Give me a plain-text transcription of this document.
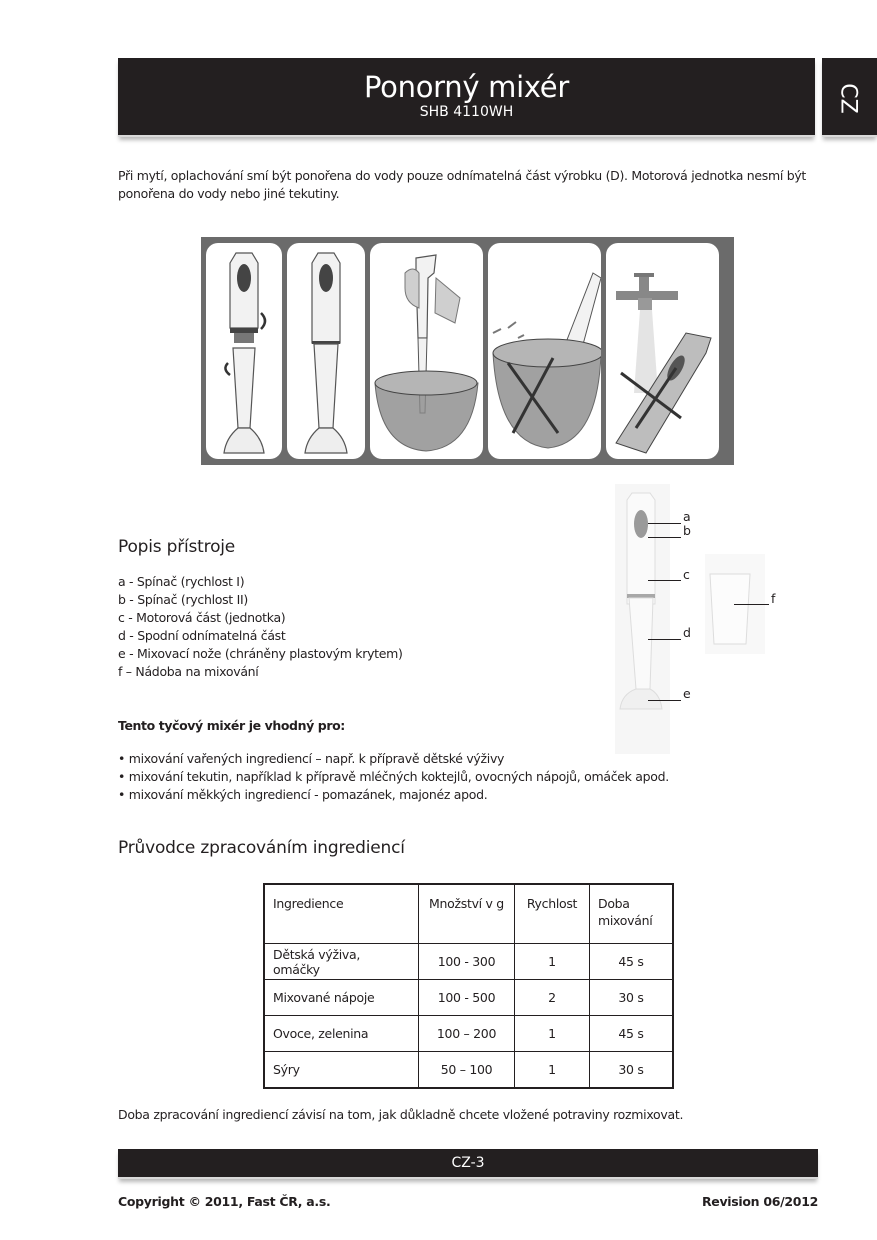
Ponorný mixér
SHB 4110WH	CZ
Při mytí, oplachování smí být ponořena do vody pouze odnímatelná část výrobku (D). Motorová jednotka nesmí být ponořena do vody nebo jiné tekutiny.
Popis přístroje
a - Spínač (rychlost I)
b - Spínač (rychlost II)
c - Motorová část (jednotka)
d - Spodní odnímatelná část
e - Mixovací nože (chráněny plastovým krytem)
f – Nádoba na mixování
a
b
c
d
e
f
Tento tyčový mixér je vhodný pro:
• mixování vařených ingrediencí – např. k přípravě dětské výživy
• mixování tekutin, například k přípravě mléčných koktejlů, ovocných nápojů, omáček apod.
• mixování měkkých ingrediencí - pomazánek, majonéz apod.
Průvodce zpracováním ingrediencí
Ingredience	Množství v g	Rychlost	Doba mixování
Dětská výživa, omáčky	100 - 300	1	45 s
Mixované nápoje	100 - 500	2	30 s
Ovoce, zelenina	100 – 200	1	45 s
Sýry	50 – 100	1	30 s
Doba zpracování ingrediencí závisí na tom, jak důkladně chcete vložené potraviny rozmixovat.
CZ-3
Copyright © 2011, Fast ČR, a.s.	Revision 06/2012
